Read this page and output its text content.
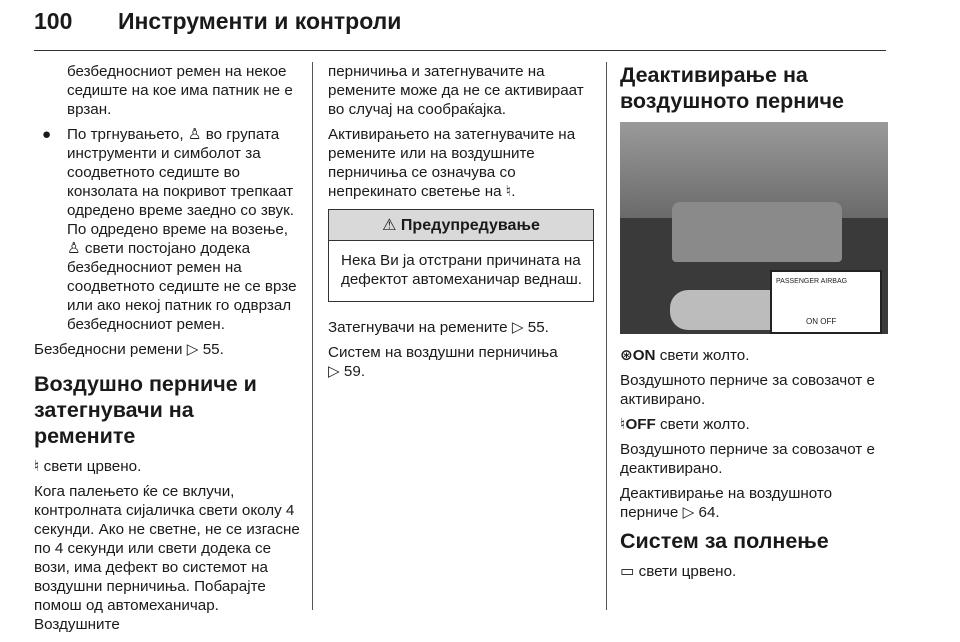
100 Инструменти и контроли

безбедносниот ремен на некое седиште на кое има патник не е врзан.

● По тргнувањето, ♙ во групата инструменти и симболот за соодветното седиште во конзолата на покривот трепкаат одредено време заедно со звук. По одредено време на возење, ♙ свети постојано додека безбедносниот ремен на соодветното седиште не се врзе или ако некој патник го одврзал безбедносниот ремен.

Безбедносни ремени ▷ 55.

Воздушно перниче и затегнувачи на ремените

♮ свети црвено.

Кога палењето ќе се вклучи, контролната сијаличка свети околу 4 секунди. Ако не светне, не се изгасне по 4 секунди или свети додека се вози, има дефект во системот на воздушни перничиња. Побарајте помош од автомеханичар. Воздушните

перничиња и затегнувачите на ремените може да не се активираат во случај на сообраќајка.

Активирањето на затегнувачите на ремените или на воздушните перничиња се означува со непрекинато светење на ♮.

⚠ Предупредување
Нека Ви ја отстрани причината на дефектот автомеханичар веднаш.

Затегнувачи на ремените ▷ 55.

Систем на воздушни перничиња
▷ 59.

Деактивирање на воздушното перниче
PASSENGER AIRBAG
ON OFF

⊛ON свети жолто.

Воздушното перниче за совозачот е активирано.

♮OFF свети жолто.

Воздушното перниче за совозачот е деактивирано.

Деактивирање на воздушното перниче ▷ 64.

Систем за полнење

▭ свети црвено.
